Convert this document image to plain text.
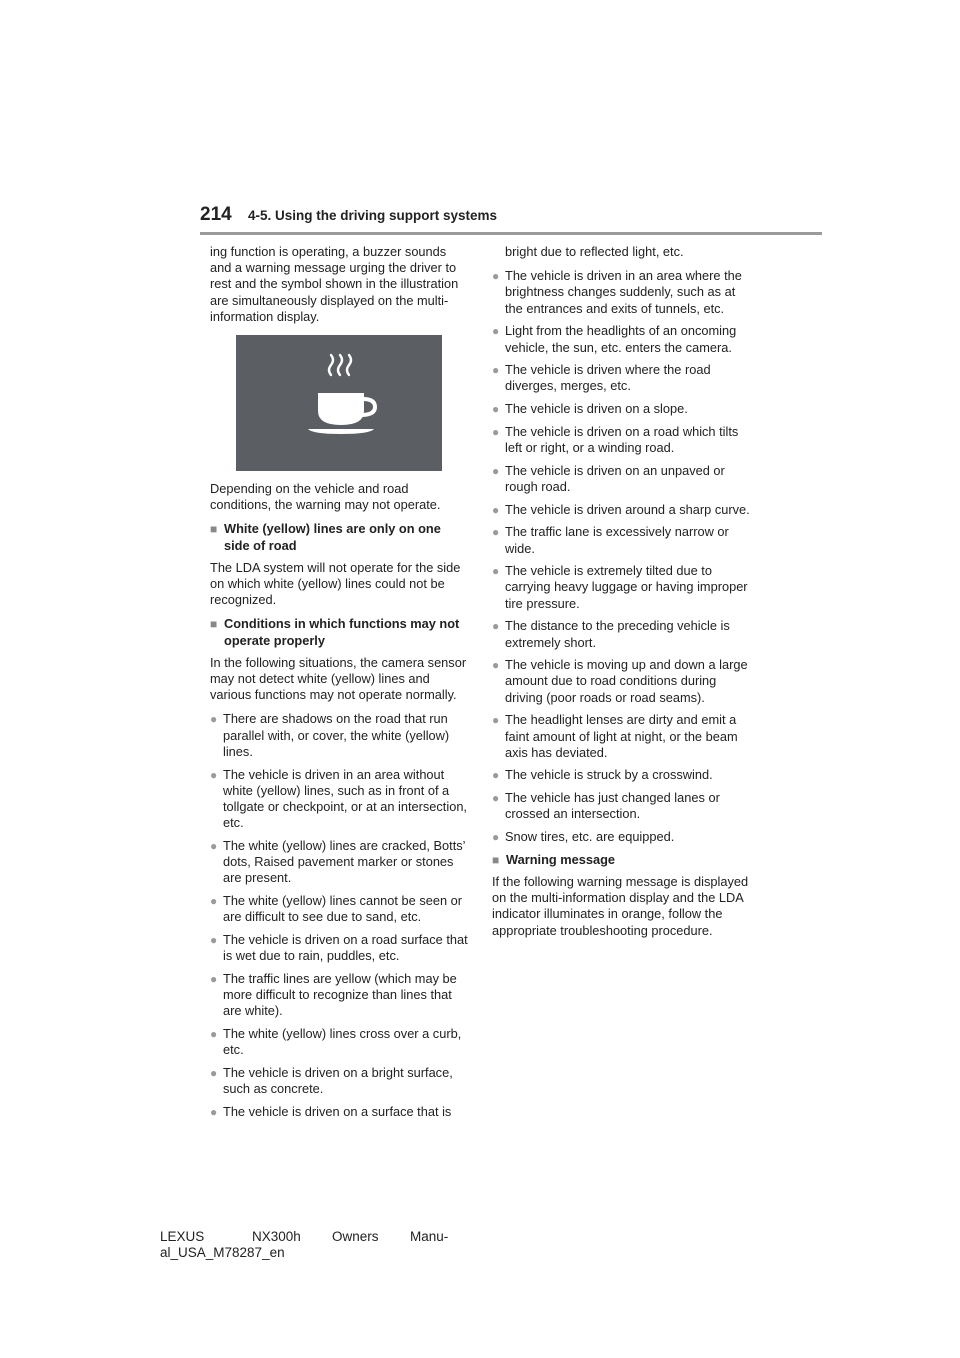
214 4-5. Using the driving support systems

ing function is operating, a buzzer sounds and a warning message urging the driver to rest and the symbol shown in the illustration are simultaneously displayed on the multi-information display.

Depending on the vehicle and road conditions, the warning may not operate.

■ White (yellow) lines are only on one side of road

The LDA system will not operate for the side on which white (yellow) lines could not be recognized.

■ Conditions in which functions may not operate properly

In the following situations, the camera sensor may not detect white (yellow) lines and various functions may not operate normally.

● There are shadows on the road that run parallel with, or cover, the white (yellow) lines.
● The vehicle is driven in an area without white (yellow) lines, such as in front of a tollgate or checkpoint, or at an intersection, etc.
● The white (yellow) lines are cracked, Botts’ dots, Raised pavement marker or stones are present.
● The white (yellow) lines cannot be seen or are difficult to see due to sand, etc.
● The vehicle is driven on a road surface that is wet due to rain, puddles, etc.
● The traffic lines are yellow (which may be more difficult to recognize than lines that are white).
● The white (yellow) lines cross over a curb, etc.
● The vehicle is driven on a bright surface, such as concrete.
● The vehicle is driven on a surface that is
bright due to reflected light, etc.
● The vehicle is driven in an area where the brightness changes suddenly, such as at the entrances and exits of tunnels, etc.
● Light from the headlights of an oncoming vehicle, the sun, etc. enters the camera.
● The vehicle is driven where the road diverges, merges, etc.
● The vehicle is driven on a slope.
● The vehicle is driven on a road which tilts left or right, or a winding road.
● The vehicle is driven on an unpaved or rough road.
● The vehicle is driven around a sharp curve.
● The traffic lane is excessively narrow or wide.
● The vehicle is extremely tilted due to carrying heavy luggage or having improper tire pressure.
● The distance to the preceding vehicle is extremely short.
● The vehicle is moving up and down a large amount due to road conditions during driving (poor roads or road seams).
● The headlight lenses are dirty and emit a faint amount of light at night, or the beam axis has deviated.
● The vehicle is struck by a crosswind.
● The vehicle has just changed lanes or crossed an intersection.
● Snow tires, etc. are equipped.
■ Warning message

If the following warning message is displayed on the multi-information display and the LDA indicator illuminates in orange, follow the appropriate troubleshooting procedure.

LEXUS	NX300h Owners Manu-
al_USA_M78287_en
